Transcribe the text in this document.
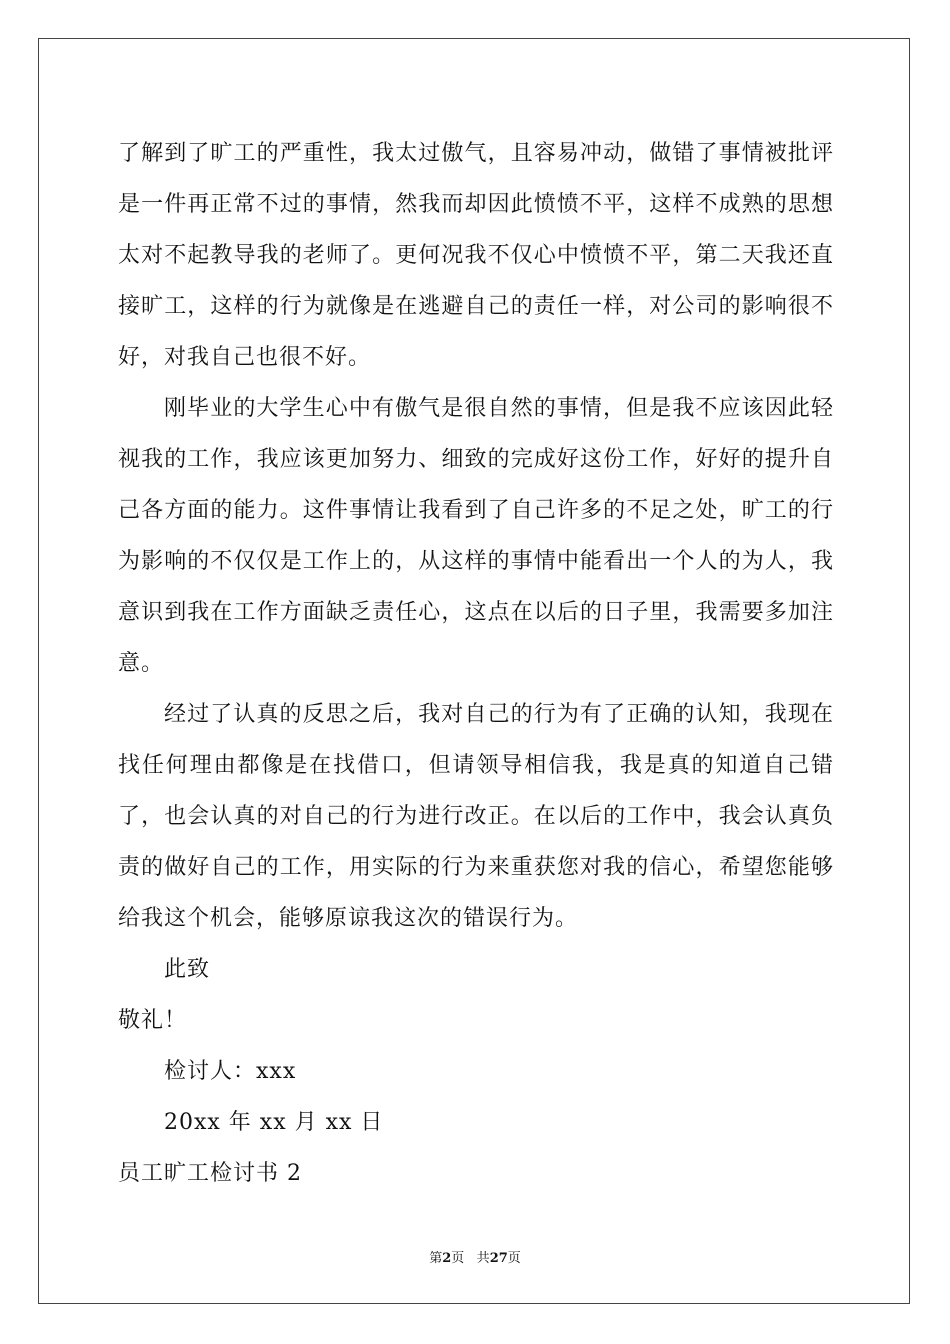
了解到了旷工的严重性，我太过傲气，且容易冲动，做错了事情被批评是一件再正常不过的事情，然我而却因此愤愤不平，这样不成熟的思想太对不起教导我的老师了。更何况我不仅心中愤愤不平，第二天我还直接旷工，这样的行为就像是在逃避自己的责任一样，对公司的影响很不好，对我自己也很不好。

刚毕业的大学生心中有傲气是很自然的事情，但是我不应该因此轻视我的工作，我应该更加努力、细致的完成好这份工作，好好的提升自己各方面的能力。这件事情让我看到了自己许多的不足之处，旷工的行为影响的不仅仅是工作上的，从这样的事情中能看出一个人的为人，我意识到我在工作方面缺乏责任心，这点在以后的日子里，我需要多加注意。

经过了认真的反思之后，我对自己的行为有了正确的认知，我现在找任何理由都像是在找借口，但请领导相信我，我是真的知道自己错了，也会认真的对自己的行为进行改正。在以后的工作中，我会认真负责的做好自己的工作，用实际的行为来重获您对我的信心，希望您能够给我这个机会，能够原谅我这次的错误行为。

此致

敬礼！

检讨人：xxx

20xx 年 xx 月 xx 日

员工旷工检讨书 2

第2页 共27页
